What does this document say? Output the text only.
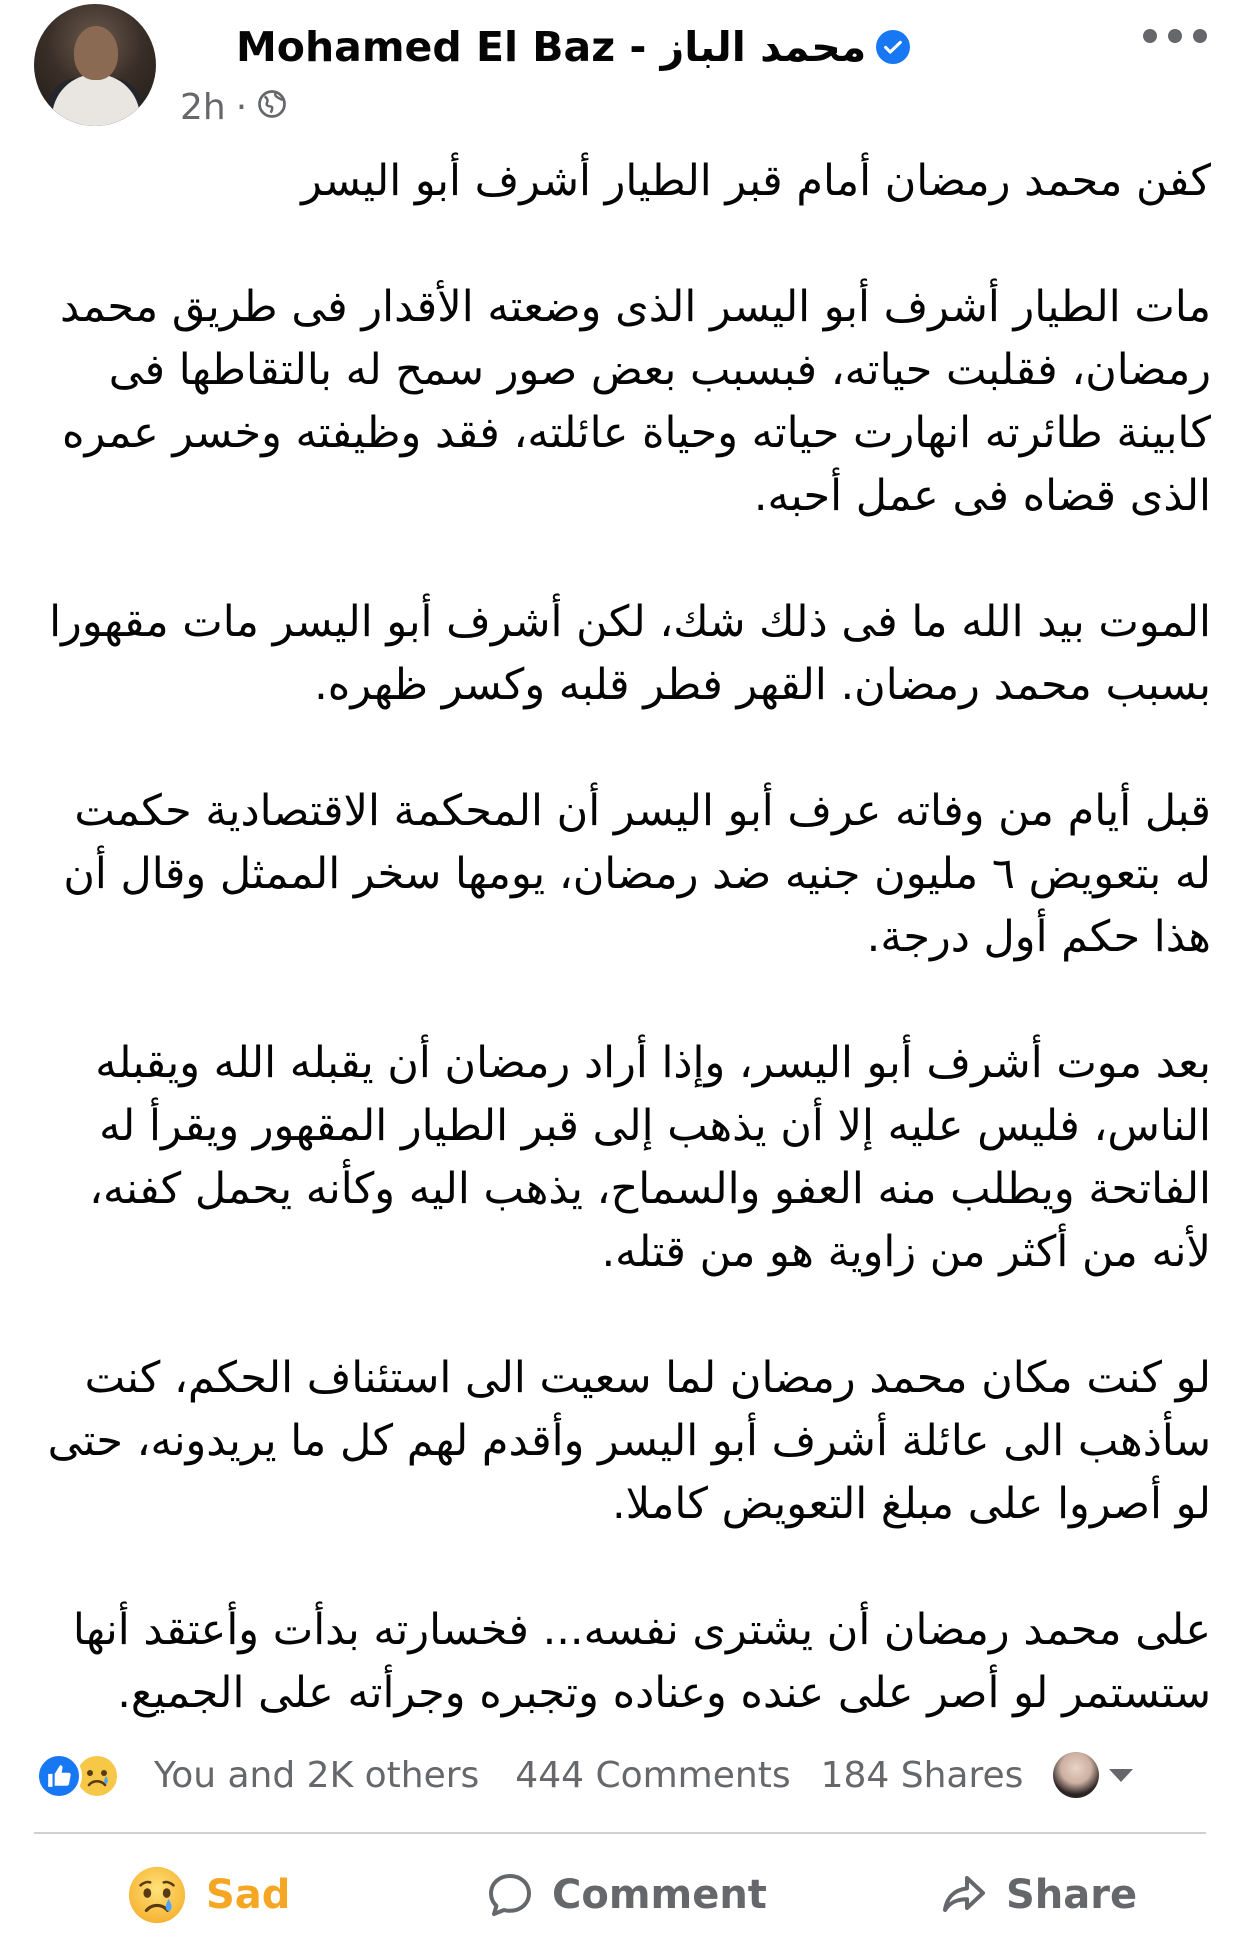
Mohamed El Baz - محمد الباز
2h ·

كفن محمد رمضان أمام قبر الطيار أشرف أبو اليسر

مات الطيار أشرف أبو اليسر الذى وضعته الأقدار فى طريق محمد رمضان، فقلبت حياته، فبسبب بعض صور سمح له بالتقاطها فى كابينة طائرته انهارت حياته وحياة عائلته، فقد وظيفته وخسر عمره الذى قضاه فى عمل أحبه.

الموت بيد الله ما فى ذلك شك، لكن أشرف أبو اليسر مات مقهورا بسبب محمد رمضان. القهر فطر قلبه وكسر ظهره.

قبل أيام من وفاته عرف أبو اليسر أن المحكمة الاقتصادية حكمت له بتعويض ٦ مليون جنيه ضد رمضان، يومها سخر الممثل وقال أن هذا حكم أول درجة.

بعد موت أشرف أبو اليسر، وإذا أراد رمضان أن يقبله الله ويقبله الناس، فليس عليه إلا أن يذهب إلى قبر الطيار المقهور ويقرأ له الفاتحة ويطلب منه العفو والسماح، يذهب اليه وكأنه يحمل كفنه، لأنه من أكثر من زاوية هو من قتله.

لو كنت مكان محمد رمضان لما سعيت الى استئناف الحكم، كنت سأذهب الى عائلة أشرف أبو اليسر وأقدم لهم كل ما يريدونه، حتى لو أصروا على مبلغ التعويض كاملا.

على محمد رمضان أن يشترى نفسه... فخسارته بدأت وأعتقد أنها ستستمر لو أصر على عنده وعناده وتجبره وجرأته على الجميع.

You and 2K others 444 Comments 184 Shares
Sad	Comment	Share
